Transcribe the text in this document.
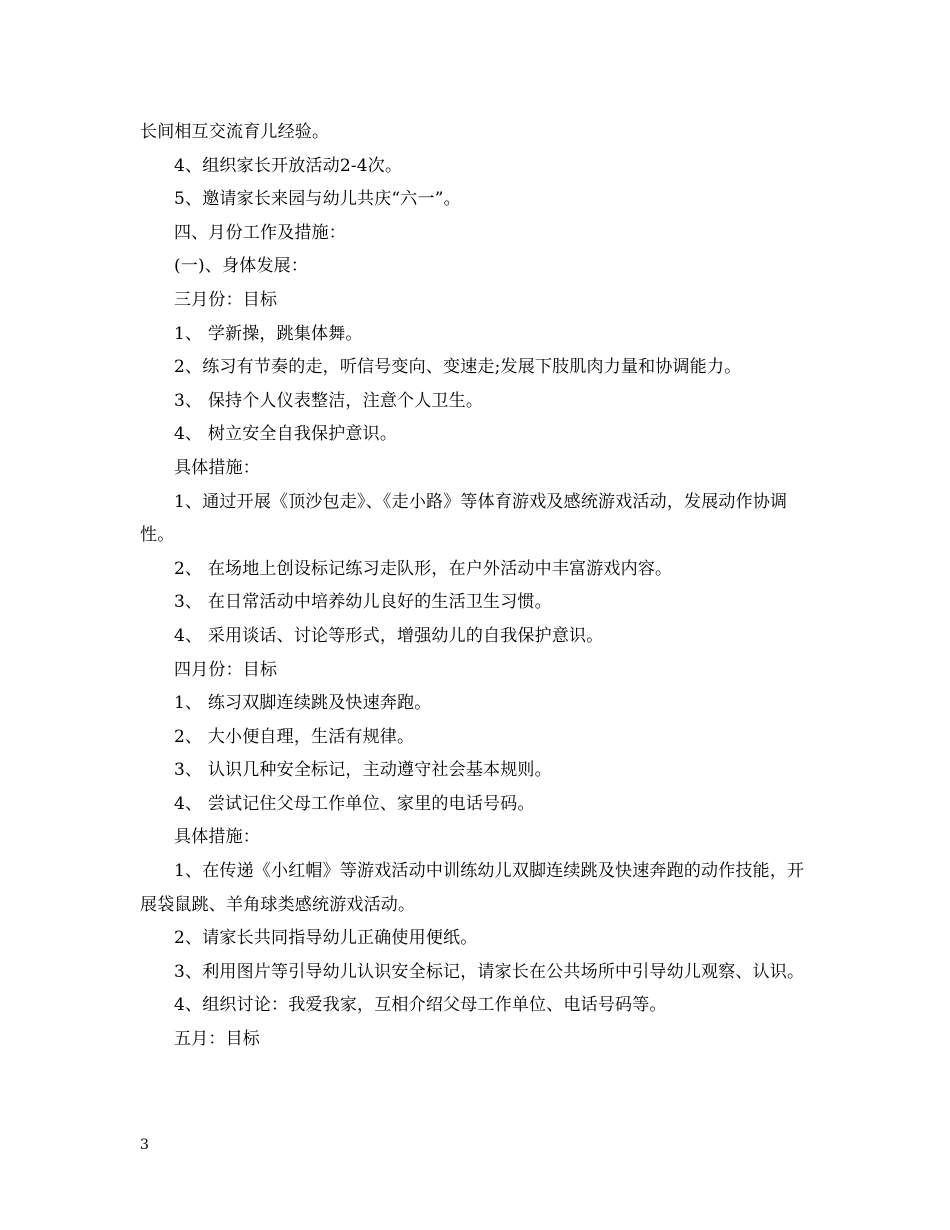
长间相互交流育儿经验。

4、组织家长开放活动2-4次。

5、邀请家长来园与幼儿共庆“六一”。

四、月份工作及措施：

(一)、身体发展：

三月份：目标

1、 学新操，跳集体舞。

2、练习有节奏的走，听信号变向、变速走;发展下肢肌肉力量和协调能力。

3、 保持个人仪表整洁，注意个人卫生。

4、 树立安全自我保护意识。

具体措施：

1、通过开展《顶沙包走》、《走小路》等体育游戏及感统游戏活动，发展动作协调性。

2、 在场地上创设标记练习走队形，在户外活动中丰富游戏内容。

3、 在日常活动中培养幼儿良好的生活卫生习惯。

4、 采用谈话、讨论等形式，增强幼儿的自我保护意识。

四月份：目标

1、 练习双脚连续跳及快速奔跑。

2、 大小便自理，生活有规律。

3、 认识几种安全标记，主动遵守社会基本规则。

4、 尝试记住父母工作单位、家里的电话号码。

具体措施：

1、在传递《小红帽》等游戏活动中训练幼儿双脚连续跳及快速奔跑的动作技能，开展袋鼠跳、羊角球类感统游戏活动。

2、请家长共同指导幼儿正确使用便纸。

3、利用图片等引导幼儿认识安全标记，请家长在公共场所中引导幼儿观察、认识。

4、组织讨论：我爱我家，互相介绍父母工作单位、电话号码等。

五月：目标

3
